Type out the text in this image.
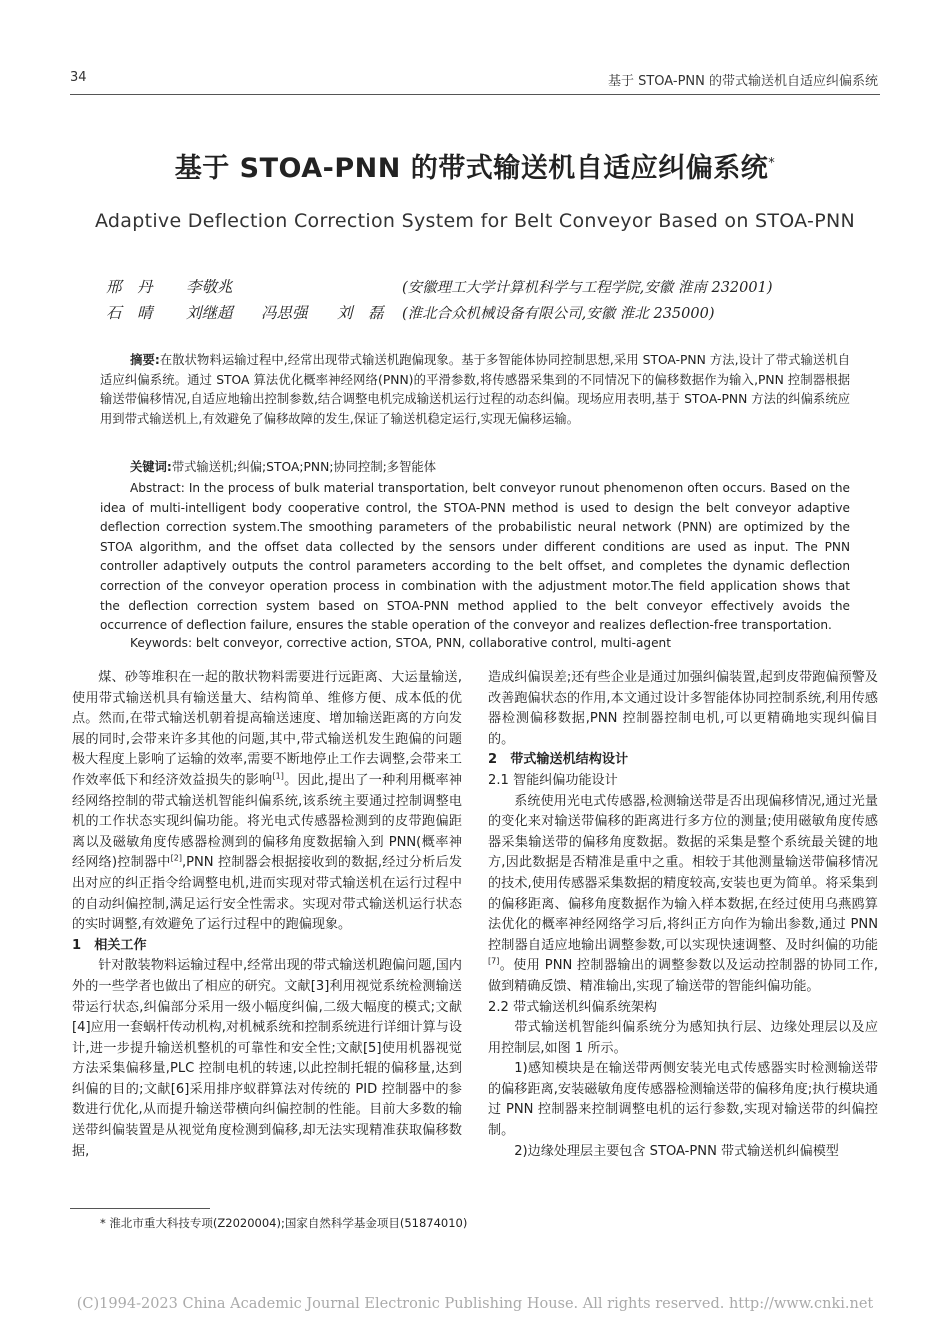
34	基于 STOA-PNN 的带式输送机自适应纠偏系统
基于 STOA-PNN 的带式输送机自适应纠偏系统*
Adaptive Deflection Correction System for Belt Conveyor Based on STOA-PNN
邢　丹 李敬兆	(安徽理工大学计算机科学与工程学院,安徽 淮南 232001)
石　晴 刘继超 冯思强 刘　磊 (淮北合众机械设备有限公司,安徽 淮北 235000)
摘要:在散状物料运输过程中,经常出现带式输送机跑偏现象。基于多智能体协同控制思想,采用 STOA-PNN 方法,设计了带式输送机自适应纠偏系统。通过 STOA 算法优化概率神经网络(PNN)的平滑参数,将传感器采集到的不同情况下的偏移数据作为输入,PNN 控制器根据输送带偏移情况,自适应地输出控制参数,结合调整电机完成输送机运行过程的动态纠偏。现场应用表明,基于 STOA-PNN 方法的纠偏系统应用到带式输送机上,有效避免了偏移故障的发生,保证了输送机稳定运行,实现无偏移运输。
关键词:带式输送机;纠偏;STOA;PNN;协同控制;多智能体
Abstract: In the process of bulk material transportation, belt conveyor runout phenomenon often occurs. Based on the idea of multi-intelligent body cooperative control, the STOA-PNN method is used to design the belt conveyor adaptive deflection correction system.The smoothing parameters of the probabilistic neural network (PNN) are optimized by the STOA algorithm, and the offset data collected by the sensors under different conditions are used as input. The PNN controller adaptively outputs the control parameters according to the belt offset, and completes the dynamic deflection correction of the conveyor operation process in combination with the adjustment motor.The field application shows that the deflection correction system based on STOA-PNN method applied to the belt conveyor effectively avoids the occurrence of deflection failure, ensures the stable operation of the conveyor and realizes deflection-free transportation.
Keywords: belt conveyor, corrective action, STOA, PNN, collaborative control, multi-agent

煤、砂等堆积在一起的散状物料需要进行远距离、大运量输送,使用带式输送机具有输送量大、结构简单、维修方便、成本低的优点。然而,在带式输送机朝着提高输送速度、增加输送距离的方向发展的同时,会带来许多其他的问题,其中,带式输送机发生跑偏的问题极大程度上影响了运输的效率,需要不断地停止工作去调整,会带来工作效率低下和经济效益损失的影响[1]。因此,提出了一种利用概率神经网络控制的带式输送机智能纠偏系统,该系统主要通过控制调整电机的工作状态实现纠偏功能。将光电式传感器检测到的皮带跑偏距离以及磁敏角度传感器检测到的偏移角度数据输入到 PNN(概率神经网络)控制器中[2],PNN 控制器会根据接收到的数据,经过分析后发出对应的纠正指令给调整电机,进而实现对带式输送机在运行过程中的自动纠偏控制,满足运行安全性需求。实现对带式输送机运行状态的实时调整,有效避免了运行过程中的跑偏现象。

1　相关工作

针对散装物料运输过程中,经常出现的带式输送机跑偏问题,国内外的一些学者也做出了相应的研究。文献[3]利用视觉系统检测输送带运行状态,纠偏部分采用一级小幅度纠偏,二级大幅度的模式;文献[4]应用一套蜗杆传动机构,对机械系统和控制系统进行详细计算与设计,进一步提升输送机整机的可靠性和安全性;文献[5]使用机器视觉方法采集偏移量,PLC 控制电机的转速,以此控制托辊的偏移量,达到纠偏的目的;文献[6]采用排序蚁群算法对传统的 PID 控制器中的参数进行优化,从而提升输送带横向纠偏控制的性能。目前大多数的输送带纠偏装置是从视觉角度检测到偏移,却无法实现精准获取偏移数据,

造成纠偏误差;还有些企业是通过加强纠偏装置,起到皮带跑偏预警及改善跑偏状态的作用,本文通过设计多智能体协同控制系统,利用传感器检测偏移数据,PNN 控制器控制电机,可以更精确地实现纠偏目的。

2　带式输送机结构设计
2.1 智能纠偏功能设计

系统使用光电式传感器,检测输送带是否出现偏移情况,通过光量的变化来对输送带偏移的距离进行多方位的测量;使用磁敏角度传感器采集输送带的偏移角度数据。数据的采集是整个系统最关键的地方,因此数据是否精准是重中之重。相较于其他测量输送带偏移情况的技术,使用传感器采集数据的精度较高,安装也更为简单。将采集到的偏移距离、偏移角度数据作为输入样本数据,在经过使用乌燕鸥算法优化的概率神经网络学习后,将纠正方向作为输出参数,通过 PNN 控制器自适应地输出调整参数,可以实现快速调整、及时纠偏的功能[7]。使用 PNN 控制器输出的调整参数以及运动控制器的协同工作,做到精确反馈、精准输出,实现了输送带的智能纠偏功能。

2.2 带式输送机纠偏系统架构

带式输送机智能纠偏系统分为感知执行层、边缘处理层以及应用控制层,如图 1 所示。

1)感知模块是在输送带两侧安装光电式传感器实时检测输送带的偏移距离,安装磁敏角度传感器检测输送带的偏移角度;执行模块通过 PNN 控制器来控制调整电机的运行参数,实现对输送带的纠偏控制。

2)边缘处理层主要包含 STOA-PNN 带式输送机纠偏模型

* 淮北市重大科技专项(Z2020004);国家自然科学基金项目(51874010)
(C)1994-2023 China Academic Journal Electronic Publishing House. All rights reserved. http://www.cnki.net
